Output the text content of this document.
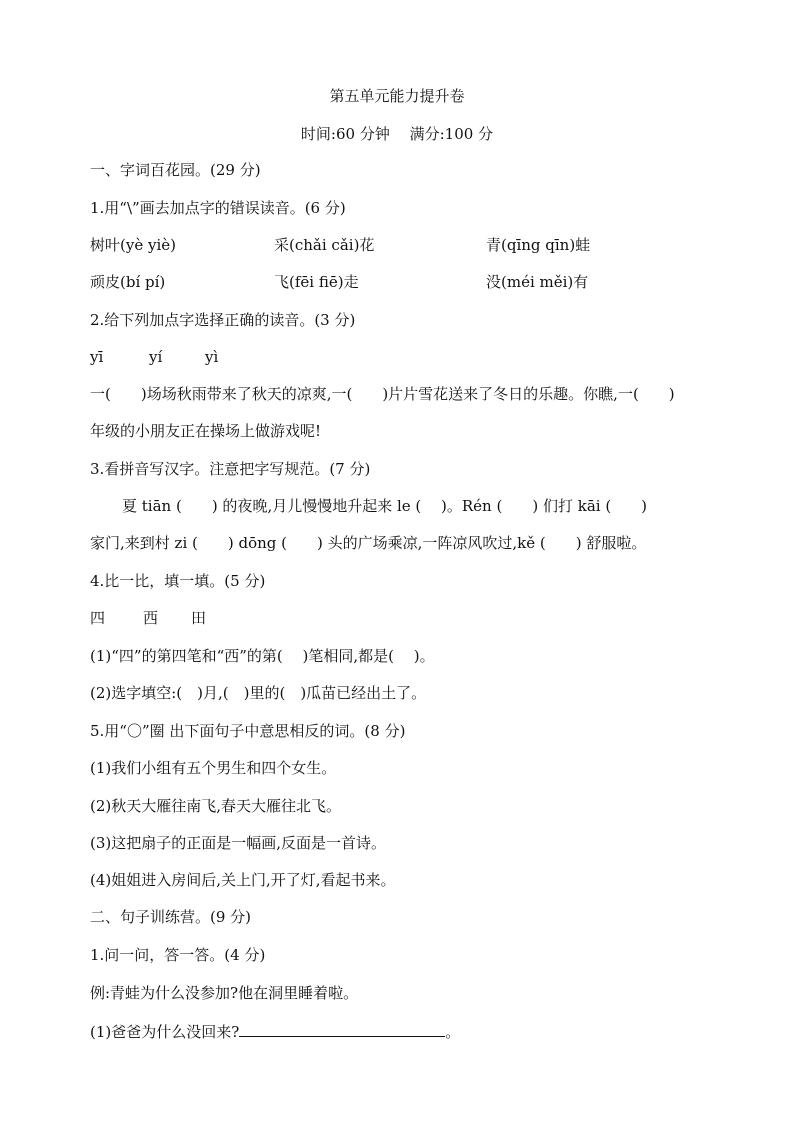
第五单元能力提升卷
时间:60 分钟　 满分:100 分
一、字词百花园。(29 分)
1.用“\”画去加点字的错误读音。(6 分)
树叶(yè yiè)	采(chǎi cǎi)花	青(qīng qīn)蛙
顽皮(bí pí)	飞(fēi fiē)走	没(méi měi)有
2.给下列加点字选择正确的读音。(3 分)
yī	yí	yì
一(　　)场场秋雨带来了秋天的凉爽,一(　　)片片雪花送来了冬日的乐趣。你瞧,一(　　)
年级的小朋友正在操场上做游戏呢!
3.看拼音写汉字。注意把字写规范。(7 分)
夏 tiān (　　) 的夜晚,月儿慢慢地升起来 le (　 )。Rén (　　) 们打 kāi (　　)
家门,来到村 zi (　　) dōng (　　) 头的广场乘凉,一阵凉风吹过,kě (　　) 舒服啦。
4.比一比，填一填。(5 分)
四	西 田
(1)“四”的第四笔和“西”的第(　 )笔相同,都是(　 )。
(2)选字填空:(　)月,(　)里的(　)瓜苗已经出土了。
5.用“〇”圈 出下面句子中意思相反的词。(8 分)
(1)我们小组有五个男生和四个女生。
(2)秋天大雁往南飞,春天大雁往北飞。
(3)这把扇子的正面是一幅画,反面是一首诗。
(4)姐姐进入房间后,关上门,开了灯,看起书来。
二、句子训练营。(9 分)
1.问一问，答一答。(4 分)
例:青蛙为什么没参加?他在洞里睡着啦。
(1)爸爸为什么没回来?	。
